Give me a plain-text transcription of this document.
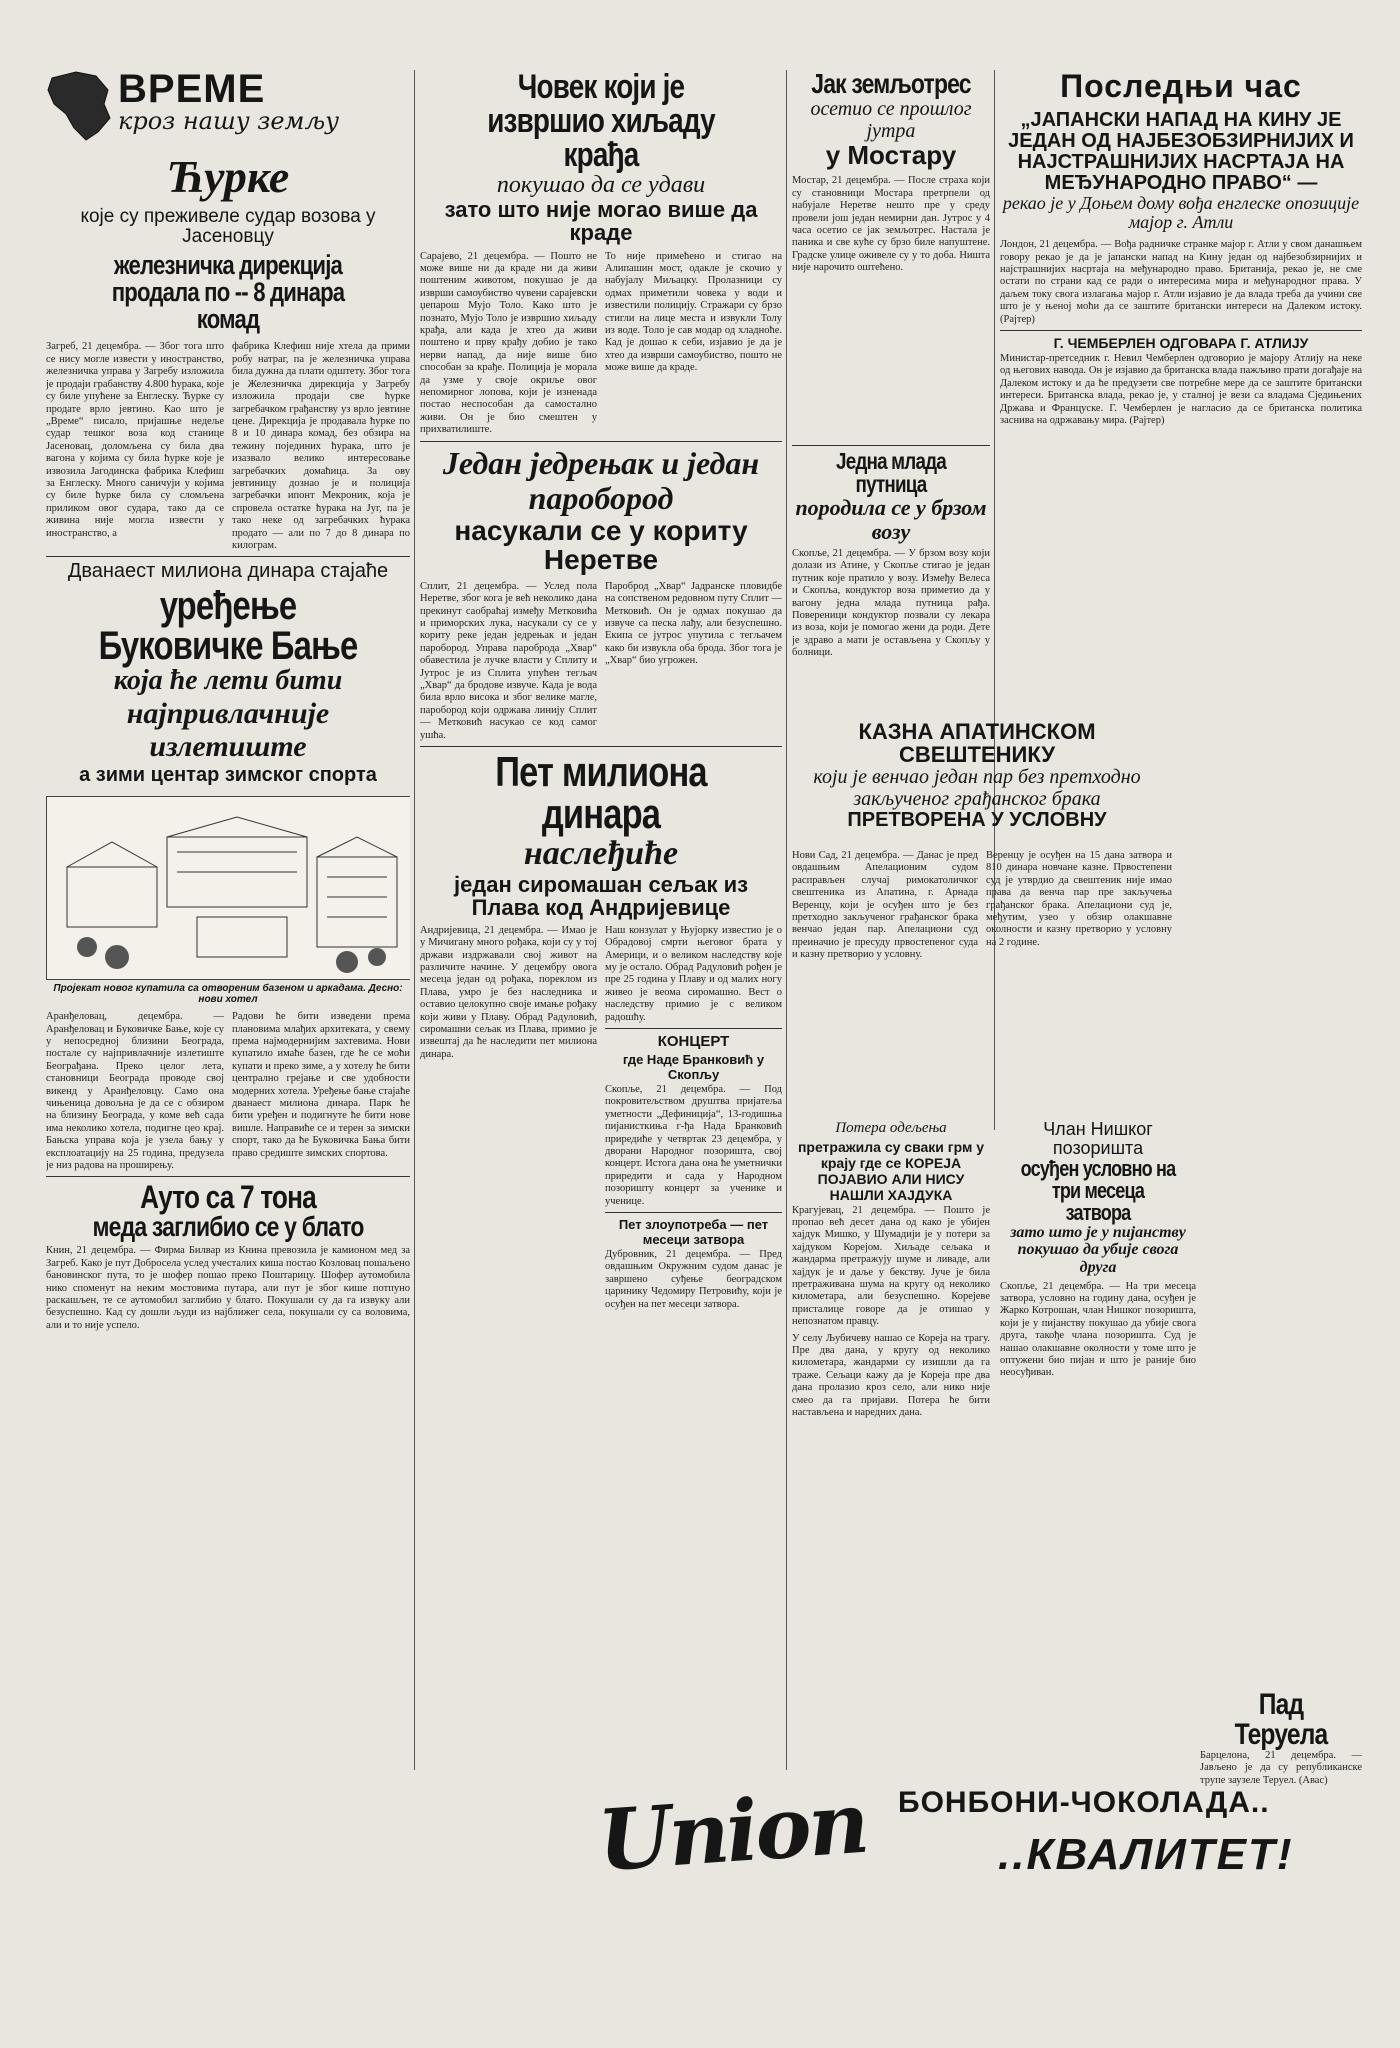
ВРЕМЕ

кроз нашу земљу

Ћурке

које су преживеле судар возова у Јасеновцу

железничка дирекција продала по -- 8 динара комад

Загреб, 21 децембра. — Због тога што се нису могле извести у иностранство, железничка управа у Загребу изложила је продаји грабанству 4.800 ћурака, које су биле упућене за Енглеску. Ћурке су продате врло јевтино. Као што је „Време“ писало, пријашње недеље судар тешког воза код станице Јасеновац, доломљена су била два вагона у којима су била ћурке које је извозила Јагодинска фабрика Клефиш за Енглеску. Много саничуји у којима су биле ћурке била су сломљена приликом овог судара, тако да се живина није могла извести у иностранство, а

фабрика Клефиш није хтела да прими робу натраг, па је железничка управа била дужна да плати одштету. Због тога је Железничка дирекција у Загребу изложила продаји све ћурке загребачком грађанству уз врло јевтине цене. Дирекција је продавала ћурке по 8 и 10 динара комад, без обзира на тежину појединих ћурака, што је изазвало велико интересовање загребачких домаћица. За ову јевтиницу дознао је и полиција загребачки ипонт Мекроник, која је спровела остатке ћурака на Југ, па је тако неке од загребачких ћурака продато — али по 7 до 8 динара по килограм.

Дванаест милиона динара стајаће

уређење Буковичке Бање

која ће лети бити

најпривлачније излетиште

а зими центар зимског спорта

Пројекат новог купатила са отвореним базеном и аркадама. Десно: нови хотел

Аранђеловац, децембра. — Аранђеловац и Буковичке Бање, које су у непосредној близини Београда, постале су најпривлачније излетиште Београђана. Преко целог лета, становници Београда проводе свој викенд у Аранђеловцу. Само она чињеница довољна је да се с обзиром на близину Београда, у коме већ сада има неколико хотела, подигне цео крај. Бањска управа која је узела бању у експлоатацију на 25 година, предузела је низ радова на проширењу.

Радови ће бити изведени према плановима млађих архитеката, у свему према најмодернијим захтевима. Нови купатило имаће базен, где ће се моћи купати и преко зиме, а у хотелу ће бити централно грејање и све удобности модерних хотела. Уређење бање стајаће дванаест милиона динара. Парк ће бити уређен и подигнуте ће бити нове вишле. Направиће се и терен за зимски спорт, тако да ће Буковичка Бања бити право средиште зимских спортова.

Ауто са 7 тона

меда заглибио се у блато

Книн, 21 децембра. — Фирма Билвар из Книна превозила је камионом мед за Загреб. Како је пут Добросела услед учесталих киша постао Козловац пошаљено бановинског пута, то је шофер пошао преко Поштарицу. Шофер аутомобила нико споменут на неким мостовима путара, али пут је због кише потпуно раскашљен, те се аутомобил заглибио у блато. Покушали су да га извуку али безуспешно. Кад су дошли људи из најближег села, покушали су са воловима, али и то није успело.

Човек који је

извршио хиљаду крађа

покушао да се удави

зато што није могао више да краде

Сарајево, 21 децембра. — Пошто не може више ни да краде ни да живи поштеним животом, покушао је да изврши самоубиство чувени сарајевски џепарош Мујо Толо. Како што је познато, Мујо Толо је извршио хиљаду крађа, али када је хтео да живи поштено и прву крађу добио је тако нерви напад, да није више био способан за крађе. Полиција је морала да узме у своје окриље овог непомирног лопова, који је изненада постао неспособан да самостално живи. Он је био смештен у прихватилиште.

То није примећено и стигао на Алипашин мост, одакле је скочио у набујалу Миљацку. Пролазници су одмах приметили човека у води и известили полицију. Стражари су брзо стигли на лице места и извукли Толу из воде. Толо је сав модар од хладноће. Кад је дошао к себи, изјавио је да је хтео да изврши самоубиство, пошто не може више да краде.

Један једрењак и један паробород

насукали се у кориту Неретве

Сплит, 21 децембра. — Услед пола Неретве, због кога је већ неколико дана прекинут саобраћај између Метковића и приморских лука, насукали су се у кориту реке један једрењак и један паробород. Управа пароброда „Хвар“ обавестила је лучке власти у Сплиту и Јутрос је из Сплита упућен тегљач „Хвар“ да бродове извуче. Када је вода била врло висока и због велике магле, паробород који одржава линију Сплит — Метковић насукао се код самог ушћа.

Пароброд „Хвар“ Јадранске пловидбе на сопственом редовном путу Сплит — Метковић. Он је одмах покушао да извуче са песка лађу, али безуспешно. Екипа се јутрос упутила с тегљачем како би извукла оба брода. Због тога је „Хвар“ био угрожен.

Пет милиона динара

наслеђиће

један сиромашан сељак из Плава код Андријевице

Андријевица, 21 децембра. — Имао је у Мичигану много рођака, који су у тој држави издржавали свој живот на различите начине. У децембру овога месеца један од рођака, пореклом из Плава, умро је без наследника и оставио целокупно своје имање рођаку који живи у Плаву. Обрад Радуловић, сиромашни сељак из Плава, примио је извештај да ће наследити пет милиона динара.

Наш конзулат у Њујорку известио је о Обрадовој смрти његовог брата у Америци, и о великом наследству које му је остало. Обрад Радуловић рођен је пре 25 година у Плаву и од малих ногу живео је веома сиромашно. Вест о наследству примио је с великом радошћу.

КОНЦЕРТ

где Наде Бранковић у Скопљу

Скопље, 21 децембра. — Под покровитељством друштва пријатеља уметности „Дефиниција“, 13-годишња пијанисткиња г-ђа Нада Бранковић приредиће у четвртак 23 децембра, у дворани Народног позоришта, свој концерт. Истога дана она ће уметнички приредити и сада у Народном позоришту концерт за ученике и ученице.

Пет злоупотребa — пет месеци затвора

Дубровник, 21 децембра. — Пред овдашњим Окружним судом данас је завршено суђење београдском царинику Чедомиру Петровићу, који је осуђен на пет месеци затвора.

Јак земљотрес

осетио се прошлог јутра

у Мостару

Мостар, 21 децембра. — После страха који су становници Мостара претрпели од набујале Неретве нешто пре у среду провели још један немирни дан. Јутрос у 4 часа осетио се јак земљотрес. Настала је паника и све куће су брзо биле напуштене. Градске улице оживеле су у то доба. Ништа није нарочито оштећено.

Једна млада путница

породила се у брзом возу

Скопље, 21 децембра. — У брзом возу који долази из Атине, у Скопље стигао је један путник које пратило у возу. Између Велеса и Скопља, кондуктор воза приметио да у вагону једна млада путница рађа. Повереници кондуктор позвали су лекара из воза, који је помогао жени да роди. Дете је здраво а мати је остављена у Скопљу у болници.

Потера одељења

претражила су сваки грм у крају где се КОРЕЈА ПОЈАВИО АЛИ НИСУ НАШЛИ ХАЈДУКА

Крагујевац, 21 децембра. — Пошто је пропао већ десет дана од како је убијен хајдук Мишко, у Шумадији је у потери за хајдуком Корејом. Хиљаде сељака и жандарма претражују шуме и ливаде, али хајдук је и даље у бекству. Јуче је била претраживана шума на кругу од неколико километара, али безуспешно. Корејеве присталице говоре да је отишао у непознатом правцу.

У селу Љубичеву нашао се Кореја на трагу. Пре два дана, у кругу од неколико километара, жандарми су изишли да га траже. Сељаци кажу да је Кореја пре два дана пролазио кроз село, али нико није смео да га пријави. Потера ће бити настављена и наредних дана.

Последњи час

„ЈАПАНСКИ НАПАД НА КИНУ ЈЕ ЈЕДАН ОД НАЈБЕЗОБЗИРНИЈИХ И НАЈСТРАШНИЈИХ НАСРТАЈА НА МЕЂУНАРОДНО ПРАВО“ —

рекао је у Доњем дому вођа енглеске опозиције мајор г. Атли

Лондон, 21 децембра. — Вођа радничке странке мајор г. Атли у свом данашњем говору рекао је да је јапански напад на Кину један од најбезобзирнијих и најстрашнијих насртаја на међународно право. Британија, рекао је, не сме остати по страни кад се ради о интересима мира и међународног права. У даљем току свога излагања мајор г. Атли изјавио је да влада треба да учини све што је у њеној моћи да се заштите британски интереси на Далеком истоку. (Рајтер)

Г. ЧЕМБЕРЛЕН ОДГОВАРА Г. АТЛИЈУ

Министар-претседник г. Невил Чемберлен одговорио је мајору Атлију на неке од његових навода. Он је изјавио да британска влада пажљиво прати догађаје на Далеком истоку и да ће предузети све потребне мере да се заштите британски интереси. Британска влада, рекао је, у сталној је вези са владама Сједињених Држава и Француске. Г. Чемберлен је нагласио да се британска политика заснива на одржавању мира. (Рајтер)

КАЗНА АПАТИНСКОМ СВЕШТЕНИКУ

који је венчао један пар без претходно закљученог грађанског брака

ПРЕТВОРЕНА У УСЛОВНУ

Нови Сад, 21 децембра. — Данас је пред овдашњим Апелационим судом расправљен случај римокатоличког свештеника из Апатина, г. Арнада Веренцу, који је осуђен што је без претходно закљученог грађанског брака венчао један пар. Апелациони суд преиначио је пресуду првостепеног суда и казну претворио у условну.

Веренцу је осуђен на 15 дана затвора и 810 динара новчане казне. Првостепени суд је утврдио да свештеник није имао права да венча пар пре закључења грађанског брака. Апелациони суд је, међутим, узео у обзир олакшавне околности и казну претворио у условну на 2 године.

Члан Нишког позоришта

осуђен условно на три месеца затвора

зато што је у пијанству покушао да убије свога друга

Скопље, 21 децембра. — На три месеца затвора, условно на годину дана, осуђен је Жарко Котрошан, члан Нишког позоришта, који је у пијанству покушао да убије свога друга, такође члана позоришта. Суд је нашао олакшавне околности у томе што је оптужени био пијан и што је раније био неосуђиван.

Пад Теруела

Барцелона, 21 децембра. — Јављено је да су републиканске трупе заузеле Теруел. (Авас)

Union БОНБОНИ-ЧОКОЛАДА..
..КВАЛИТЕТ!
